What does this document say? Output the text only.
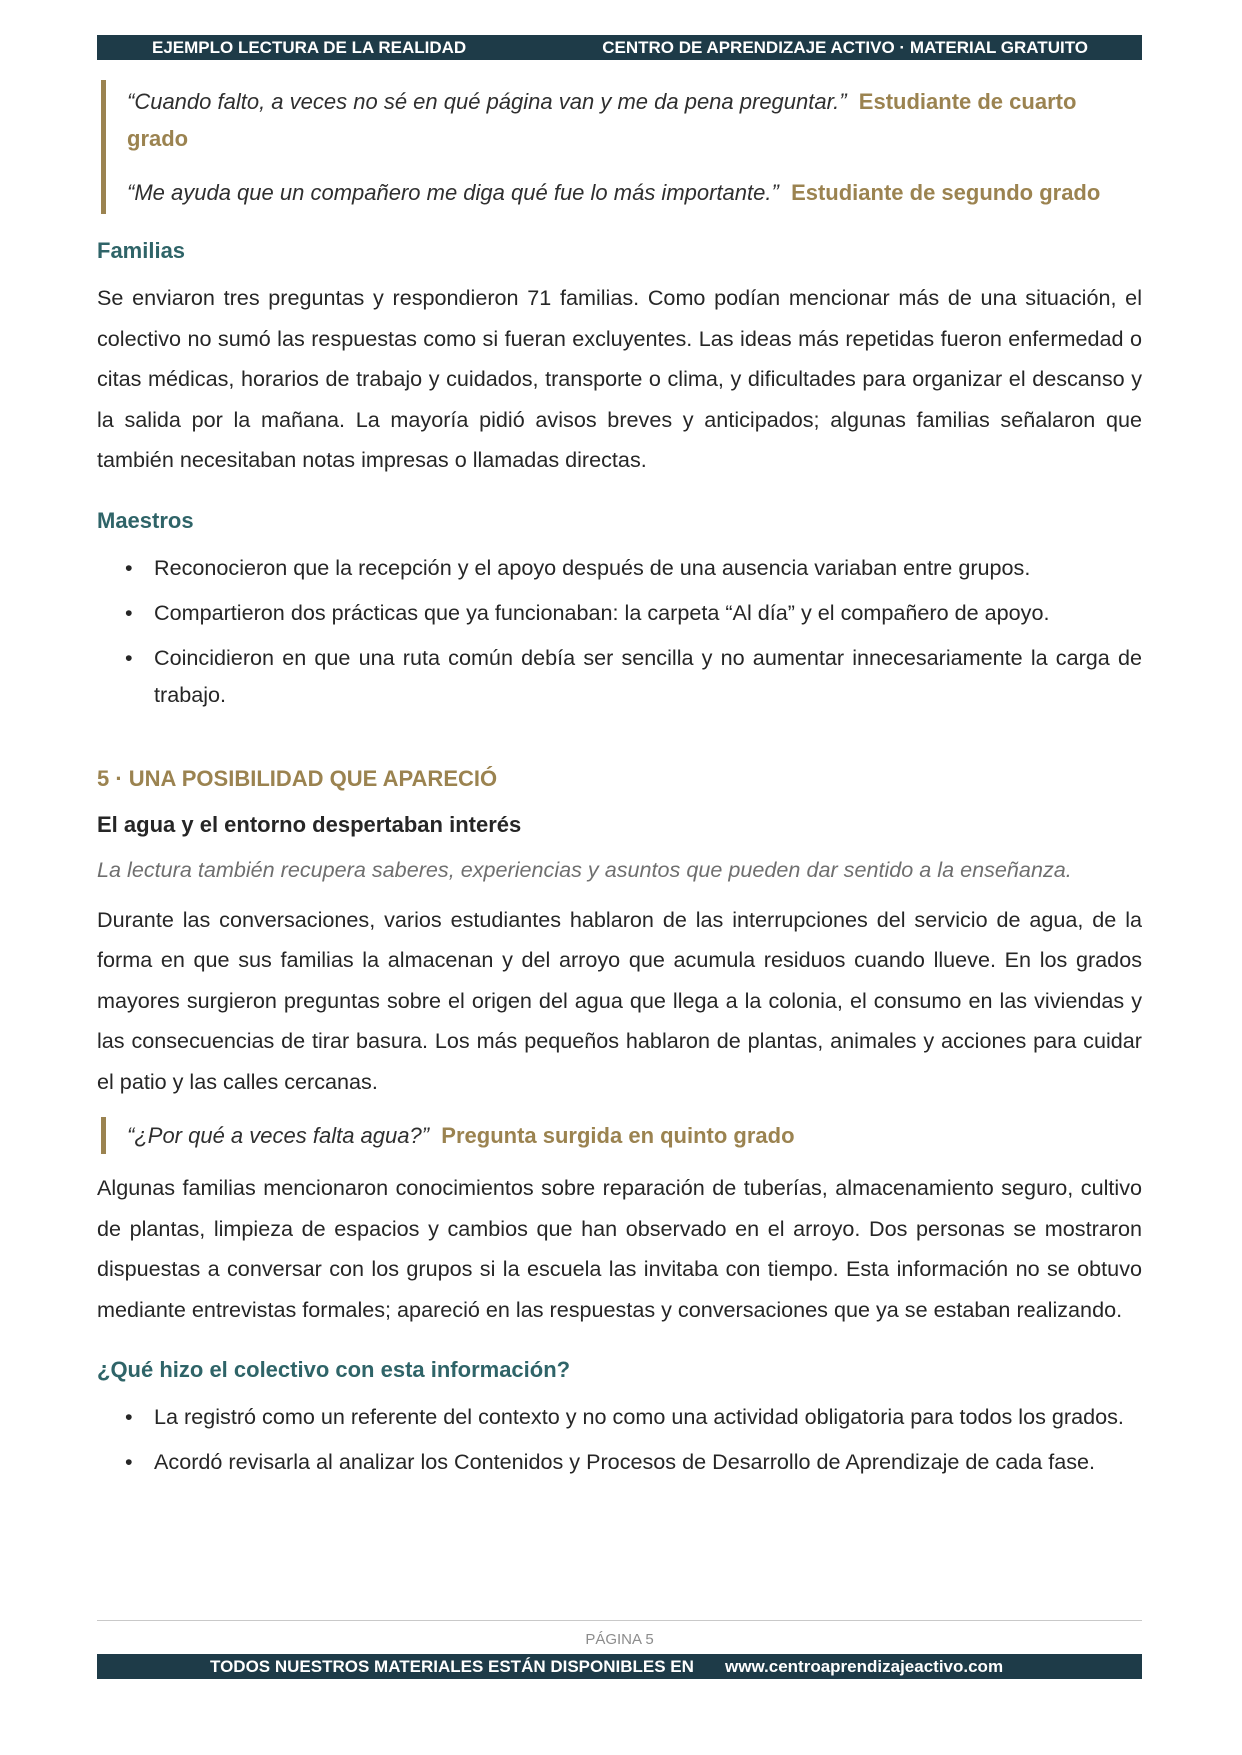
EJEMPLO LECTURA DE LA REALIDAD	CENTRO DE APRENDIZAJE ACTIVO · MATERIAL GRATUITO

“Cuando falto, a veces no sé en qué página van y me da pena preguntar.” Estudiante de cuarto grado

“Me ayuda que un compañero me diga qué fue lo más importante.” Estudiante de segundo grado

Familias

Se enviaron tres preguntas y respondieron 71 familias. Como podían mencionar más de una situación, el colectivo no sumó las respuestas como si fueran excluyentes. Las ideas más repetidas fueron enfermedad o citas médicas, horarios de trabajo y cuidados, transporte o clima, y dificultades para organizar el descanso y la salida por la mañana. La mayoría pidió avisos breves y anticipados; algunas familias señalaron que también necesitaban notas impresas o llamadas directas.

Maestros
• Reconocieron que la recepción y el apoyo después de una ausencia variaban entre grupos.
• Compartieron dos prácticas que ya funcionaban: la carpeta “Al día” y el compañero de apoyo.
• Coincidieron en que una ruta común debía ser sencilla y no aumentar innecesariamente la carga de trabajo.
5 · UNA POSIBILIDAD QUE APARECIÓ
El agua y el entorno despertaban interés

La lectura también recupera saberes, experiencias y asuntos que pueden dar sentido a la enseñanza.

Durante las conversaciones, varios estudiantes hablaron de las interrupciones del servicio de agua, de la forma en que sus familias la almacenan y del arroyo que acumula residuos cuando llueve. En los grados mayores surgieron preguntas sobre el origen del agua que llega a la colonia, el consumo en las viviendas y las consecuencias de tirar basura. Los más pequeños hablaron de plantas, animales y acciones para cuidar el patio y las calles cercanas.

“¿Por qué a veces falta agua?” Pregunta surgida en quinto grado

Algunas familias mencionaron conocimientos sobre reparación de tuberías, almacenamiento seguro, cultivo de plantas, limpieza de espacios y cambios que han observado en el arroyo. Dos personas se mostraron dispuestas a conversar con los grupos si la escuela las invitaba con tiempo. Esta información no se obtuvo mediante entrevistas formales; apareció en las respuestas y conversaciones que ya se estaban realizando.

¿Qué hizo el colectivo con esta información?
• La registró como un referente del contexto y no como una actividad obligatoria para todos los grados.
• Acordó revisarla al analizar los Contenidos y Procesos de Desarrollo de Aprendizaje de cada fase.
PÁGINA 5
TODOS NUESTROS MATERIALES ESTÁN DISPONIBLES EN www.centroaprendizajeactivo.com
